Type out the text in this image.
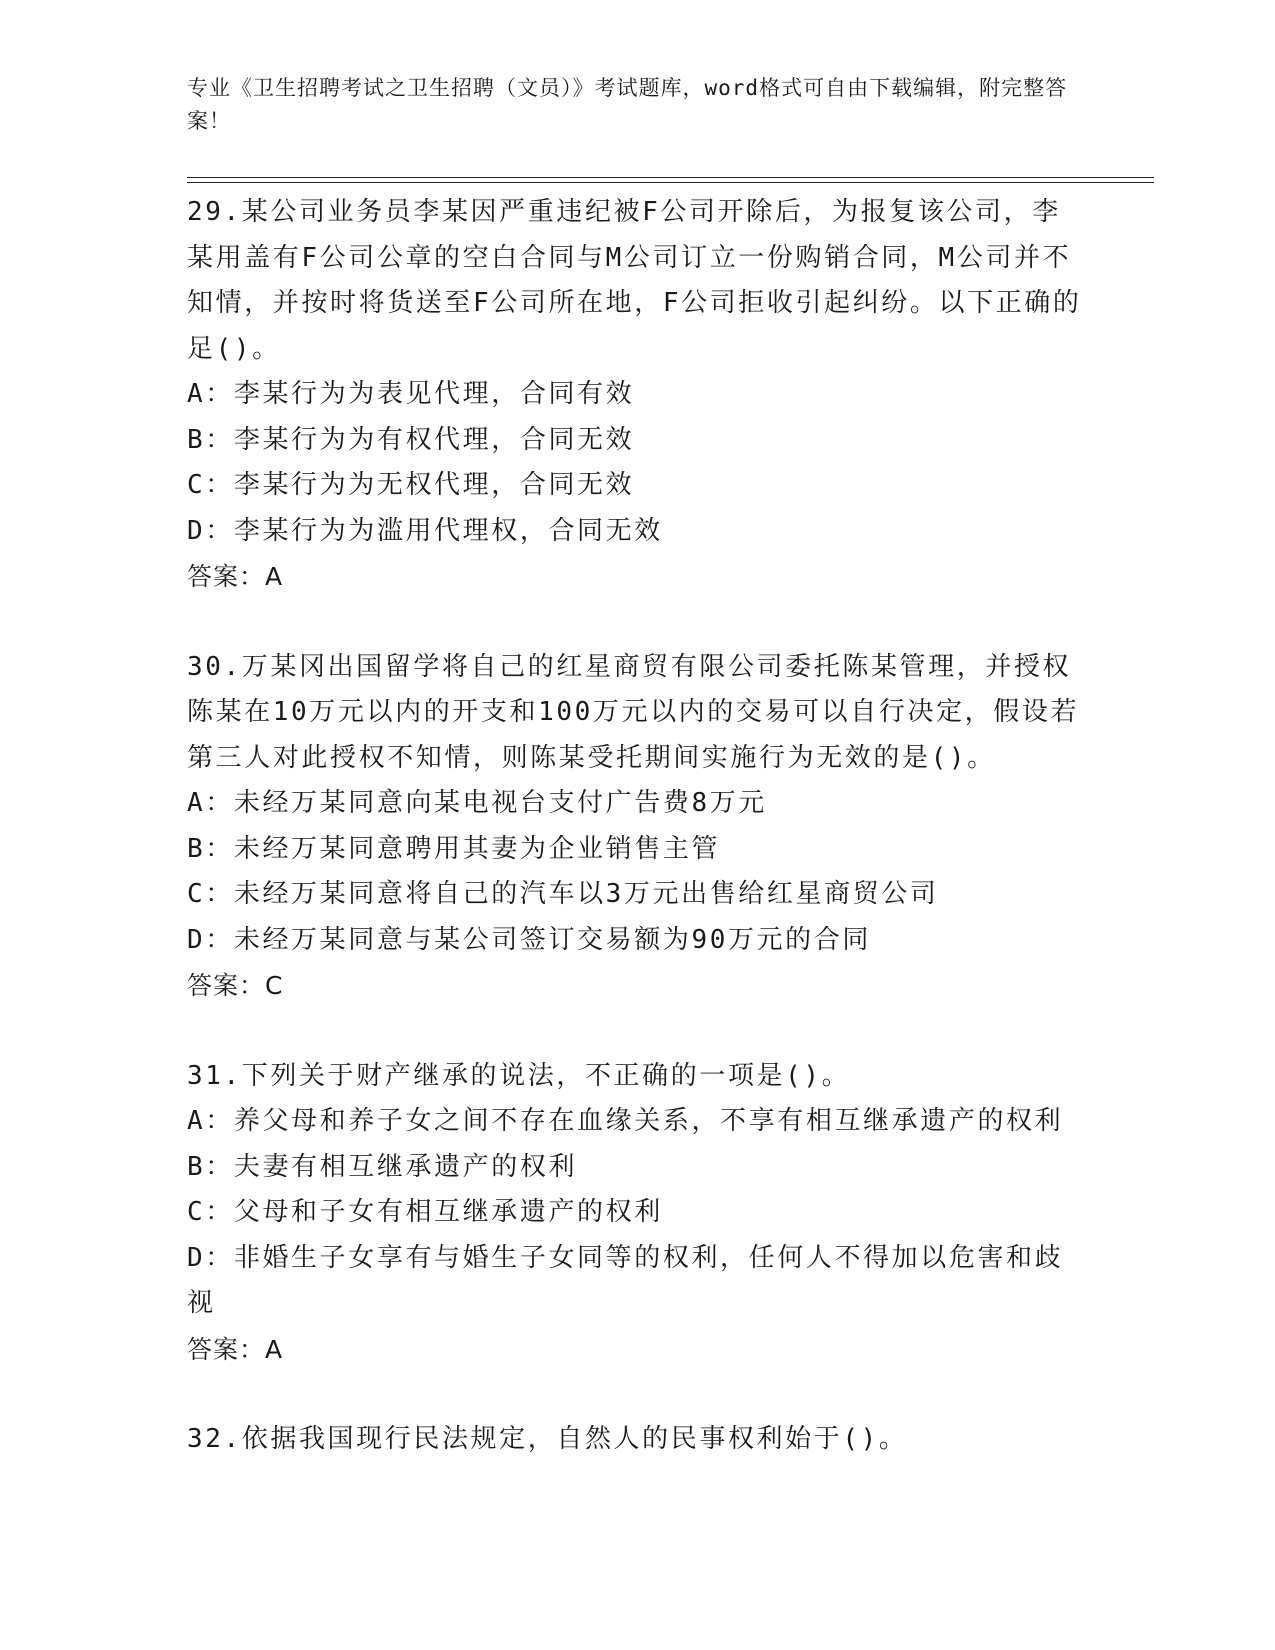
专业《卫生招聘考试之卫生招聘（文员）》考试题库，word格式可自由下载编辑，附完整答案！

29.某公司业务员李某因严重违纪被F公司开除后，为报复该公司，李某用盖有F公司公章的空白合同与M公司订立一份购销合同，M公司并不知情，并按时将货送至F公司所在地，F公司拒收引起纠纷。以下正确的足()。

A：李某行为为表见代理，合同有效

B：李某行为为有权代理，合同无效

C：李某行为为无权代理，合同无效

D：李某行为为滥用代理权，合同无效

答案：A

30.万某冈出国留学将自己的红星商贸有限公司委托陈某管理，并授权陈某在10万元以内的开支和100万元以内的交易可以自行决定，假设若第三人对此授权不知情，则陈某受托期间实施行为无效的是()。

A：未经万某同意向某电视台支付广告费8万元

B：未经万某同意聘用其妻为企业销售主管

C：未经万某同意将自己的汽车以3万元出售给红星商贸公司

D：未经万某同意与某公司签订交易额为90万元的合同

答案：C

31.下列关于财产继承的说法，不正确的一项是()。

A：养父母和养子女之间不存在血缘关系，不享有相互继承遗产的权利

B：夫妻有相互继承遗产的权利

C：父母和子女有相互继承遗产的权利

D：非婚生子女享有与婚生子女同等的权利，任何人不得加以危害和歧视

答案：A

32.依据我国现行民法规定，自然人的民事权利始于()。
